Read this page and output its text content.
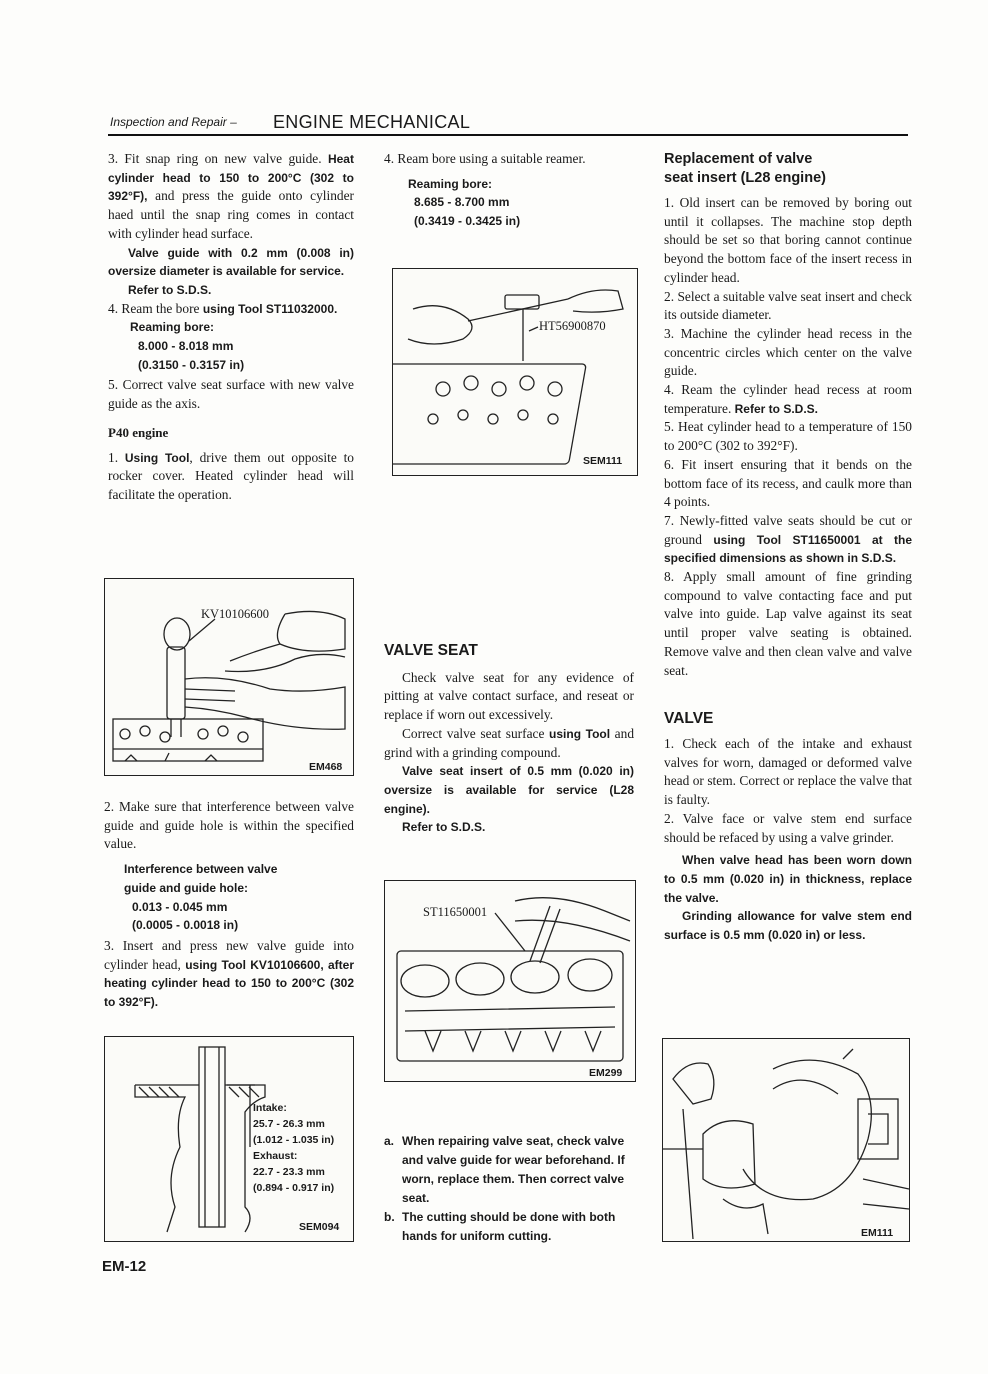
Inspection and Repair – ENGINE MECHANICAL

3. Fit snap ring on new valve guide. Heat cylinder head to 150 to 200°C (302 to 392°F), and press the guide onto cylinder haed until the snap ring comes in contact with cylinder head surface.

Valve guide with 0.2 mm (0.008 in) oversize diameter is available for service.

Refer to S.D.S.

4. Ream the bore using Tool ST11032000.

Reaming bore:

8.000 - 8.018 mm

(0.3150 - 0.3157 in)

5. Correct valve seat surface with new valve guide as the axis.

P40 engine

1. Using Tool, drive them out opposite to rocker cover. Heated cylinder head will facilitate the operation.

KV10106600
EM468

2. Make sure that interference between valve guide and guide hole is within the specified value.

Interference between valve

guide and guide hole:

0.013 - 0.045 mm

(0.0005 - 0.0018 in)

3. Insert and press new valve guide into cylinder head, using Tool KV10106600, after heating cylinder head to 150 to 200°C (302 to 392°F).

Intake:
25.7 - 26.3 mm
(1.012 - 1.035 in)
Exhaust:
22.7 - 23.3 mm
(0.894 - 0.917 in)
SEM094

4. Ream bore using a suitable reamer.

Reaming bore:

8.685 - 8.700 mm

(0.3419 - 0.3425 in)

HT56900870
SEM111

VALVE SEAT

Check valve seat for any evidence of pitting at valve contact surface, and reseat or replace if worn out excessively.

Correct valve seat surface using Tool and grind with a grinding compound.

Valve seat insert of 0.5 mm (0.020 in) oversize is available for service (L28 engine).

Refer to S.D.S.

ST11650001
EM299
a. When repairing valve seat, check valve and valve guide for wear beforehand. If worn, replace them. Then correct valve seat.
b. The cutting should be done with both hands for uniform cutting.
Replacement of valve
seat insert (L28 engine)

1. Old insert can be removed by boring out until it collapses. The machine stop depth should be set so that boring cannot continue beyond the bottom face of the insert recess in cylinder head.

2. Select a suitable valve seat insert and check its outside diameter.

3. Machine the cylinder head recess in the concentric circles which center on the valve guide.

4. Ream the cylinder head recess at room temperature. Refer to S.D.S.

5. Heat cylinder head to a temperature of 150 to 200°C (302 to 392°F).

6. Fit insert ensuring that it bends on the bottom face of its recess, and caulk more than 4 points.

7. Newly-fitted valve seats should be cut or ground using Tool ST11650001 at the specified dimensions as shown in S.D.S.

8. Apply small amount of fine grinding compound to valve contacting face and put valve into guide. Lap valve against its seat until proper valve seating is obtained. Remove valve and then clean valve and valve seat.

VALVE

1. Check each of the intake and exhaust valves for worn, damaged or deformed valve head or stem. Correct or replace the valve that is faulty.

2. Valve face or valve stem end surface should be refaced by using a valve grinder.

When valve head has been worn down to 0.5 mm (0.020 in) in thickness, replace the valve.

Grinding allowance for valve stem end surface is 0.5 mm (0.020 in) or less.

EM111
EM-12
